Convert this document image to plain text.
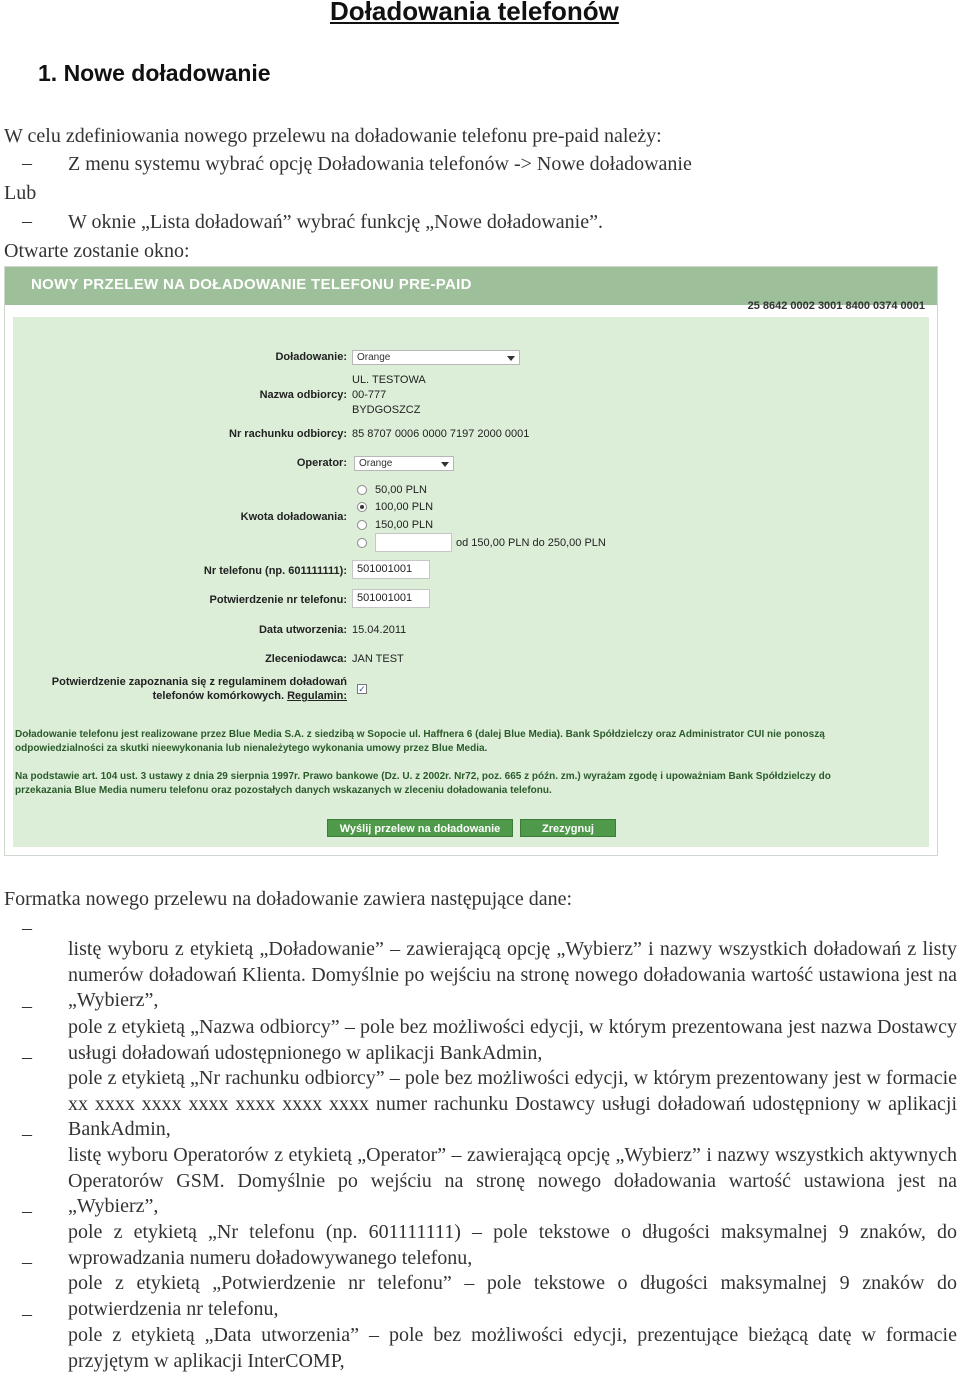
Doładowania telefonów
1. Nowe doładowanie
W celu zdefiniowania nowego przelewu na doładowanie telefonu pre-paid należy:
– Z menu systemu wybrać opcję Doładowania telefonów -> Nowe doładowanie
Lub
– W oknie „Lista doładowań” wybrać funkcję „Nowe doładowanie”.
Otwarte zostanie okno:
NOWY PRZELEW NA DOŁADOWANIE TELEFONU PRE-PAID
25 8642 0002 3001 8400 0374 0001
Doładowanie:	Orange
Nazwa odbiorcy:
UL. TESTOWA
00-777
BYDGOSZCZ
Nr rachunku odbiorcy: 85 8707 0006 0000 7197 2000 0001
Operator:	Orange
Kwota doładowania:
50,00 PLN
100,00 PLN
150,00 PLN
od 150,00 PLN do 250,00 PLN
Nr telefonu (np. 601111111): 501001001
Potwierdzenie nr telefonu: 501001001
Data utworzenia: 15.04.2011
Zleceniodawca: JAN TEST
Potwierdzenie zapoznania się z regulaminem doładowań
telefonów komórkowych. Regulamin:
✓
Doładowanie telefonu jest realizowane przez Blue Media S.A. z siedzibą w Sopocie ul. Haffnera 6 (dalej Blue Media). Bank Spółdzielczy oraz Administrator CUI nie ponoszą
odpowiedzialności za skutki nieewykonania lub nienależytego wykonania umowy przez Blue Media.
Na podstawie art. 104 ust. 3 ustawy z dnia 29 sierpnia 1997r. Prawo bankowe (Dz. U. z 2002r. Nr72, poz. 665 z późn. zm.) wyrażam zgodę i upoważniam Bank Spółdzielczy do
przekazania Blue Media numeru telefonu oraz pozostałych danych wskazanych w zleceniu doładowania telefonu.
Wyślij przelew na doładowanie	Zrezygnuj
Formatka nowego przelewu na doładowanie zawiera następujące dane:
–

listę wyboru z etykietą „Doładowanie” – zawierającą opcję „Wybierz” i nazwy wszystkich doładowań z listy numerów doładowań Klienta. Domyślnie po wejściu na stronę nowego doładowania wartość ustawiona jest na „Wybierz”,

–

pole z etykietą „Nazwa odbiorcy” – pole bez możliwości edycji, w którym prezentowana jest nazwa Dostawcy usługi doładowań udostępnionego w aplikacji BankAdmin,

–

pole z etykietą „Nr rachunku odbiorcy” – pole bez możliwości edycji, w którym prezentowany jest w formacie xx xxxx xxxx xxxx xxxx xxxx xxxx numer rachunku Dostawcy usługi doładowań udostępniony w aplikacji BankAdmin,

–

listę wyboru Operatorów z etykietą „Operator” – zawierającą opcję „Wybierz” i nazwy wszystkich aktywnych Operatorów GSM. Domyślnie po wejściu na stronę nowego doładowania wartość ustawiona jest na „Wybierz”,

–

pole z etykietą „Nr telefonu (np. 601111111) – pole tekstowe o długości maksymalnej 9 znaków, do wprowadzania numeru doładowywanego telefonu,

–

pole z etykietą „Potwierdzenie nr telefonu” – pole tekstowe o długości maksymalnej 9 znaków do potwierdzenia nr telefonu,

–

pole z etykietą „Data utworzenia” – pole bez możliwości edycji, prezentujące bieżącą datę w formacie przyjętym w aplikacji InterCOMP,
